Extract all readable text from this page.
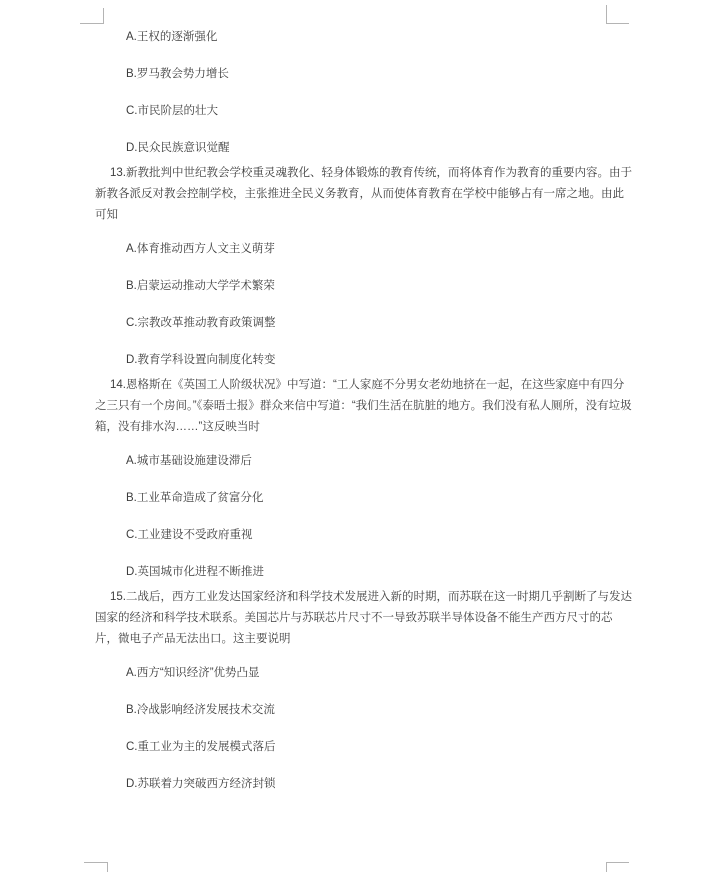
A.王权的逐渐强化

B.罗马教会势力增长

C.市民阶层的壮大

D.民众民族意识觉醒

13.新教批判中世纪教会学校重灵魂教化、轻身体锻炼的教育传统，而将体育作为教育的重要内容。由于新教各派反对教会控制学校，主张推进全民义务教育，从而使体育教育在学校中能够占有一席之地。由此可知

A.体育推动西方人文主义萌芽

B.启蒙运动推动大学学术繁荣

C.宗教改革推动教育政策调整

D.教育学科设置向制度化转变

14.恩格斯在《英国工人阶级状况》中写道：“工人家庭不分男女老幼地挤在一起，在这些家庭中有四分之三只有一个房间。”《泰晤士报》群众来信中写道：“我们生活在肮脏的地方。我们没有私人厕所，没有垃圾箱，没有排水沟……”这反映当时

A.城市基础设施建设滞后

B.工业革命造成了贫富分化

C.工业建设不受政府重视

D.英国城市化进程不断推进

15.二战后，西方工业发达国家经济和科学技术发展进入新的时期，而苏联在这一时期几乎割断了与发达国家的经济和科学技术联系。美国芯片与苏联芯片尺寸不一导致苏联半导体设备不能生产西方尺寸的芯片，微电子产品无法出口。这主要说明

A.西方“知识经济”优势凸显

B.冷战影响经济发展技术交流

C.重工业为主的发展模式落后

D.苏联着力突破西方经济封锁
